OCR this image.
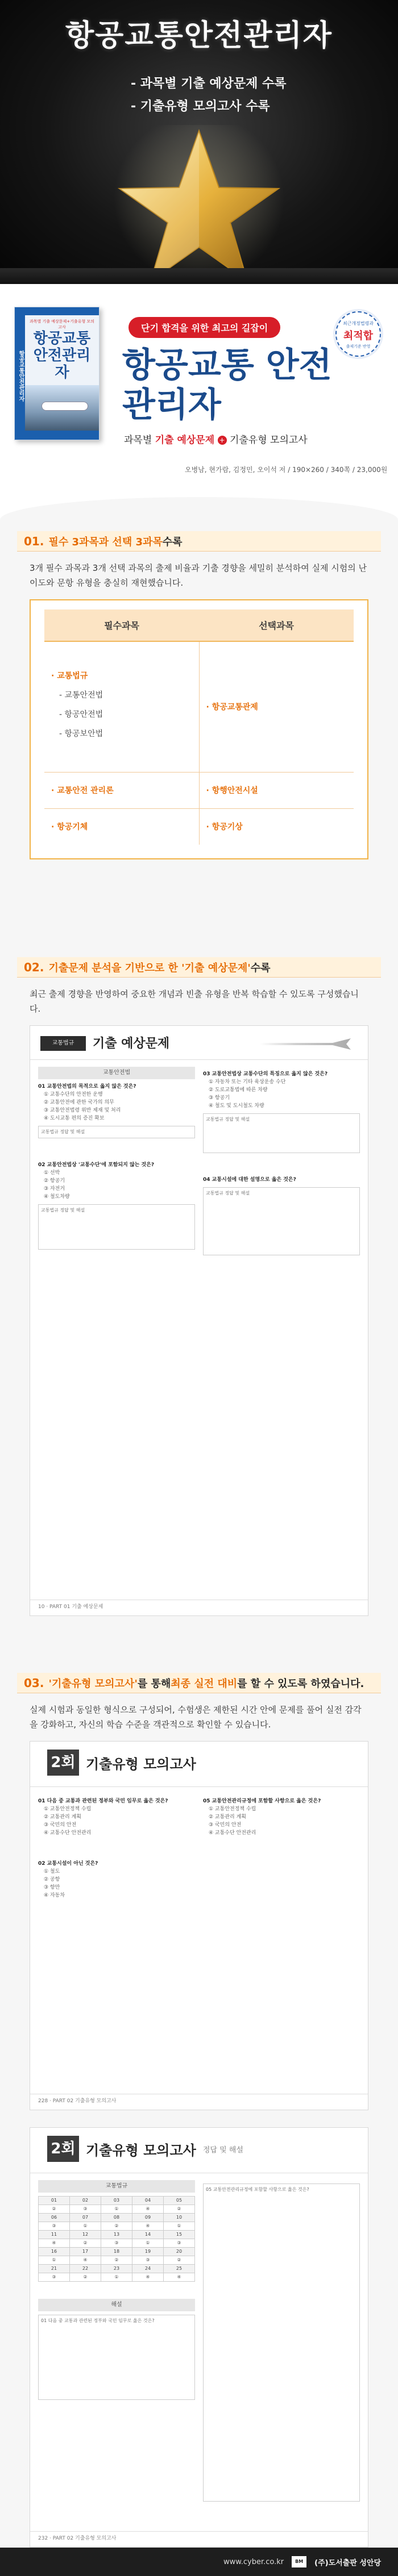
항공교통안전관리자
- 과목별 기출 예상문제 수록
- 기출유형 모의고사 수록
항공교통안전관리자
과목별 기출 예상문제+기출유형 모의고사
항공교통 안전관리자
단기 합격을 위한 최고의 길잡이
항공교통 안전관리자
과목별 기출 예상문제 + 기출유형 모의고사
오병남, 현가람, 김정민, 오이석 저 / 190×260 / 340쪽 / 23,000원
최근개정법령과
최적합
출제기준 반영
01. 필수 3과목과 선택 3과목 수록

3개 필수 과목과 3개 선택 과목의 출제 비율과 기출 경향을 세밀히 분석하여 실제 시험의 난이도와 문항 유형을 충실히 재현했습니다.

필수과목	선택과목

· 교통법규
- 교통안전법
- 항공안전법
- 항공보안법	· 항공교통관제
· 교통안전 관리론	· 항행안전시설
· 항공기체	· 항공기상
02. 기출문제 분석을 기반으로 한 '기출 예상문제' 수록

최근 출제 경향을 반영하여 중요한 개념과 빈출 유형을 반복 학습할 수 있도록 구성했습니다.

교통법규	기출 예상문제
교통안전법
01 교통안전법의 목적으로 옳지 않은 것은?
① 교통수단의 안전한 운행
② 교통안전에 관한 국가의 의무
③ 교통안전법령 위반 제재 및 처리
④ 도시교통 편의 증진 확보
교통법규 정답 및 해설
02 교통안전법상 '교통수단'에 포함되지 않는 것은?
① 선박
② 항공기
③ 자전거
④ 철도차량
교통법규 정답 및 해설
03 교통안전법상 교통수단의 특징으로 옳지 않은 것은?
① 자동차 또는 기타 육상운송 수단
② 도로교통법에 따른 차량
③ 항공기
④ 철도 및 도시철도 차량
교통법규 정답 및 해설
04 교통시설에 대한 설명으로 옳은 것은?
교통법규 정답 및 해설
10 · PART 01 기출 예상문제
03. '기출유형 모의고사' 를 통해 최종 실전 대비 를 할 수 있도록 하였습니다.

실제 시험과 동일한 형식으로 구성되어, 수험생은 제한된 시간 안에 문제를 풀어 실전 감각을 강화하고, 자신의 학습 수준을 객관적으로 확인할 수 있습니다.

2회 기출유형 모의고사
01 다음 중 교통과 관련된 정부와 국민 임무로 옳은 것은?
① 교통안전정책 수립
② 교통관리 계획
③ 국민의 안전
④ 교통수단 안전관리
02 교통시설이 아닌 것은?
① 철도
② 공항
③ 항만
④ 자동차
05 교통안전관리규정에 포함할 사항으로 옳은 것은?
① 교통안전정책 수립
② 교통관리 계획
③ 국민의 안전
④ 교통수단 안전관리
228 · PART 02 기출유형 모의고사
2회 기출유형 모의고사 정답 및 해설
교통법규
01	02	03	04	05
②	③	①	④	②
06	07	08	09	10
③	①	②	④	①
11	12	13	14	15
④	②	③	①	③
16	17	18	19	20
①	④	②	③	②
21	22	23	24	25
③	②	①	④	④
해설
01 다음 중 교통과 관련된 정부와 국민 임무로 옳은 것은?
05 교통안전관리규정에 포함할 사항으로 옳은 것은?
232 · PART 02 기출유형 모의고사
www.cyber.co.kr	BM	(주)도서출판 성안당
